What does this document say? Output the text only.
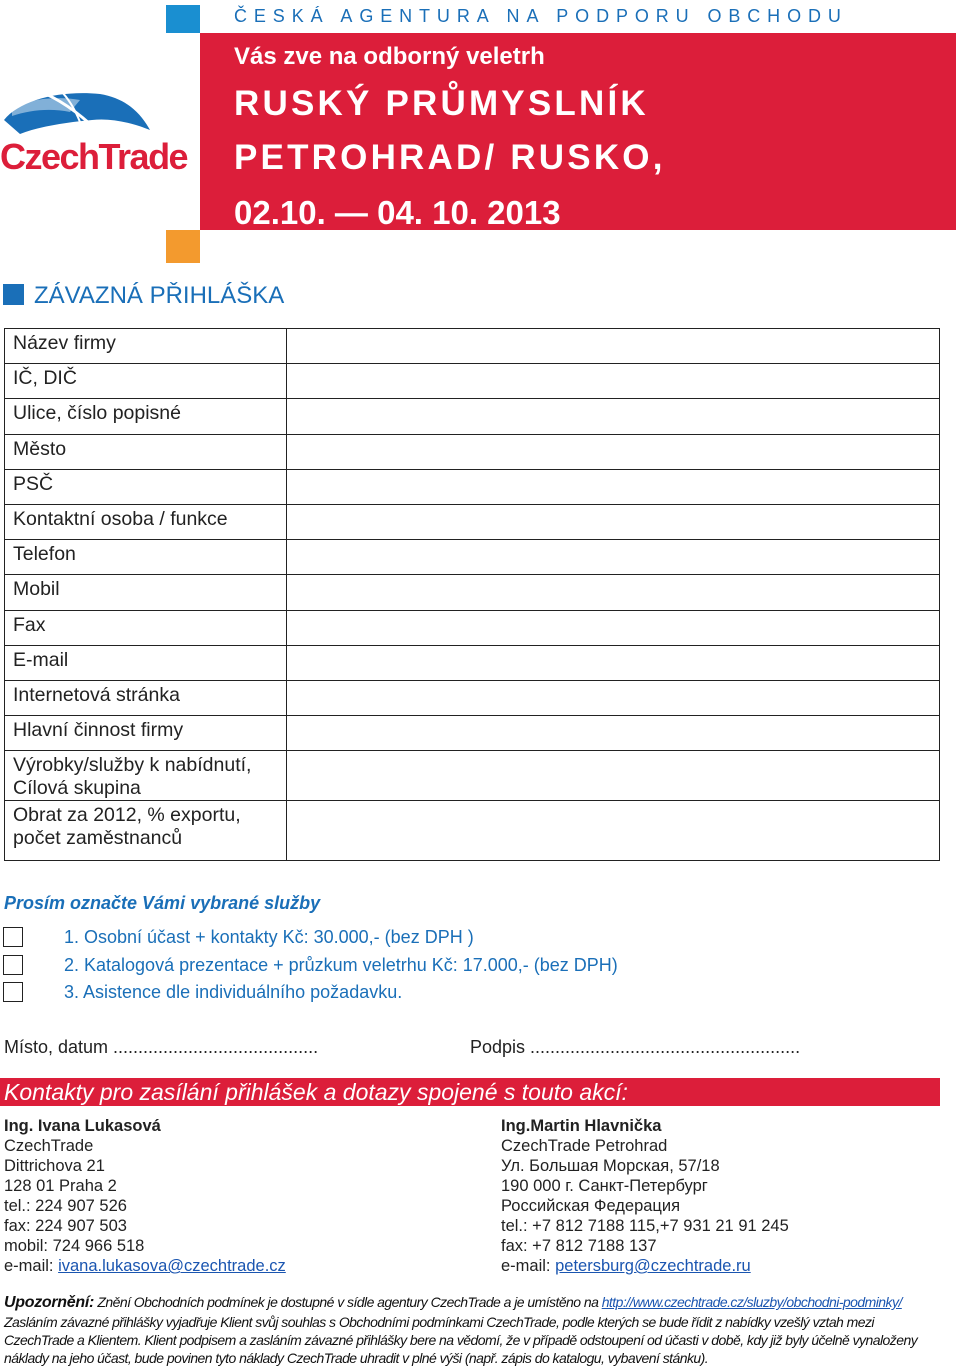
ČESKÁ AGENTURA NA PODPORU OBCHODU
Vás zve na odborný veletrh
RUSKÝ PRŮMYSLNÍK
PETROHRAD/ RUSKO,
02.10. — 04. 10. 2013
CzechTrade
ZÁVAZNÁ PŘIHLÁŠKA
Název firmy	
IČ, DIČ	
Ulice, číslo popisné	
Město	
PSČ	
Kontaktní osoba / funkce	
Telefon	
Mobil	
Fax	
E-mail	
Internetová stránka	
Hlavní činnost firmy	
Výrobky/služby k nabídnutí, Cílová skupina	
Obrat za 2012, % exportu, počet zaměstnanců	
Prosím označte Vámi vybrané služby
1. Osobní účast + kontakty Kč: 30.000,- (bez DPH )
2. Katalogová prezentace + průzkum veletrhu Kč: 17.000,- (bez DPH)
3. Asistence dle individuálního požadavku.
Místo, datum .........................................	Podpis ......................................................
Kontakty pro zasílání přihlášek a dotazy spojené s touto akcí:
Ing. Ivana Lukasová
CzechTrade
Dittrichova 21
128 01 Praha 2
tel.: 224 907 526
fax: 224 907 503
mobil: 724 966 518
e-mail: ivana.lukasova@czechtrade.cz
Ing.Martin Hlavnička
CzechTrade Petrohrad
Ул. Большая Морская, 57/18
190 000 г. Санкт-Петербург
Российская Федерация
tel.: +7 812 7188 115,+7 931 21 91 245
fax: +7 812 7188 137
e-mail: petersburg@czechtrade.ru
Upozornění: Znění Obchodních podmínek je dostupné v sídle agentury CzechTrade a je umístěno na http://www.czechtrade.cz/sluzby/obchodni-podminky/
Zasláním závazné přihlášky vyjadřuje Klient svůj souhlas s Obchodními podmínkami CzechTrade, podle kterých se bude řídit z nabídky vzešlý vztah mezi
CzechTrade a Klientem. Klient podpisem a zasláním závazné přihlášky bere na vědomí, že v případě odstoupení od účasti v době, kdy již byly účelně vynaloženy
náklady na jeho účast, bude povinen tyto náklady CzechTrade uhradit v plné výši (např. zápis do katalogu, vybavení stánku).
